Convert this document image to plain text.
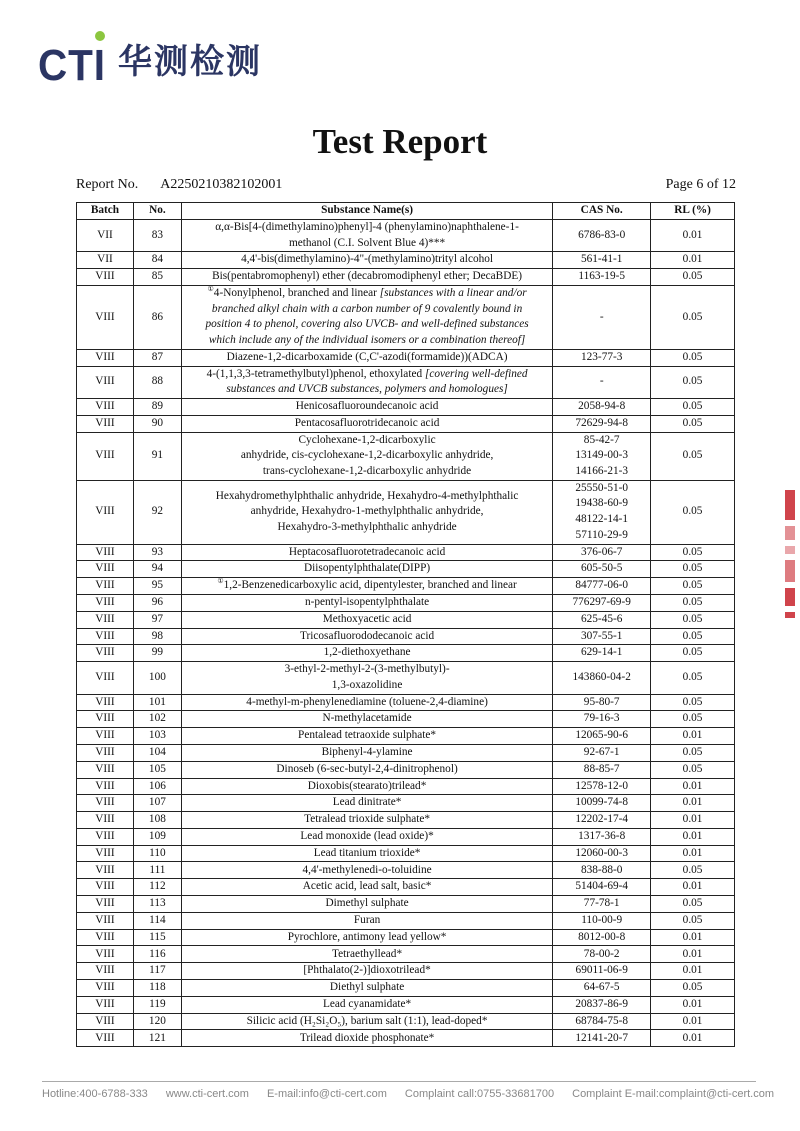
CTI 华测检测
Test Report
Report No. A2250210382102001	Page 6 of 12
Batch	No.	Substance Name(s)	CAS No.	RL (%)
VII	83	α,α-Bis[4-(dimethylamino)phenyl]-4 (phenylamino)naphthalene-1-
methanol (C.I. Solvent Blue 4)***	6786-83-0	0.01
VII	84	4,4'-bis(dimethylamino)-4"-(methylamino)trityl alcohol	561-41-1	0.01
VIII	85	Bis(pentabromophenyl) ether (decabromodiphenyl ether; DecaBDE)	1163-19-5	0.05
VIII	86	①4-Nonylphenol, branched and linear [substances with a linear and/or
branched alkyl chain with a carbon number of 9 covalently bound in
position 4 to phenol, covering also UVCB- and well-defined substances
which include any of the individual isomers or a combination thereof]	-	0.05
VIII	87	Diazene-1,2-dicarboxamide (C,C'-azodi(formamide))(ADCA)	123-77-3	0.05
VIII	88	4-(1,1,3,3-tetramethylbutyl)phenol, ethoxylated [covering well-defined
substances and UVCB substances, polymers and homologues]	-	0.05
VIII	89	Henicosafluoroundecanoic acid	2058-94-8	0.05
VIII	90	Pentacosafluorotridecanoic acid	72629-94-8	0.05
VIII	91	Cyclohexane-1,2-dicarboxylic
anhydride, cis-cyclohexane-1,2-dicarboxylic anhydride,
trans-cyclohexane-1,2-dicarboxylic anhydride	85-42-7
13149-00-3
14166-21-3	0.05
VIII	92	Hexahydromethylphthalic anhydride, Hexahydro-4-methylphthalic
anhydride, Hexahydro-1-methylphthalic anhydride,
Hexahydro-3-methylphthalic anhydride	25550-51-0
19438-60-9
48122-14-1
57110-29-9	0.05
VIII	93	Heptacosafluorotetradecanoic acid	376-06-7	0.05
VIII	94	Diisopentylphthalate(DIPP)	605-50-5	0.05
VIII	95	①1,2-Benzenedicarboxylic acid, dipentylester, branched and linear	84777-06-0	0.05
VIII	96	n-pentyl-isopentylphthalate	776297-69-9	0.05
VIII	97	Methoxyacetic acid	625-45-6	0.05
VIII	98	Tricosafluorododecanoic acid	307-55-1	0.05
VIII	99	1,2-diethoxyethane	629-14-1	0.05
VIII	100	3-ethyl-2-methyl-2-(3-methylbutyl)-
1,3-oxazolidine	143860-04-2	0.05
VIII	101	4-methyl-m-phenylenediamine (toluene-2,4-diamine)	95-80-7	0.05
VIII	102	N-methylacetamide	79-16-3	0.05
VIII	103	Pentalead tetraoxide sulphate*	12065-90-6	0.01
VIII	104	Biphenyl-4-ylamine	92-67-1	0.05
VIII	105	Dinoseb (6-sec-butyl-2,4-dinitrophenol)	88-85-7	0.05
VIII	106	Dioxobis(stearato)trilead*	12578-12-0	0.01
VIII	107	Lead dinitrate*	10099-74-8	0.01
VIII	108	Tetralead trioxide sulphate*	12202-17-4	0.01
VIII	109	Lead monoxide (lead oxide)*	1317-36-8	0.01
VIII	110	Lead titanium trioxide*	12060-00-3	0.01
VIII	111	4,4'-methylenedi-o-toluidine	838-88-0	0.05
VIII	112	Acetic acid, lead salt, basic*	51404-69-4	0.01
VIII	113	Dimethyl sulphate	77-78-1	0.05
VIII	114	Furan	110-00-9	0.05
VIII	115	Pyrochlore, antimony lead yellow*	8012-00-8	0.01
VIII	116	Tetraethyllead*	78-00-2	0.01
VIII	117	[Phthalato(2-)]dioxotrilead*	69011-06-9	0.01
VIII	118	Diethyl sulphate	64-67-5	0.05
VIII	119	Lead cyanamidate*	20837-86-9	0.01
VIII	120	Silicic acid (H₂Si₂O₅), barium salt (1:1), lead-doped*	68784-75-8	0.01
VIII	121	Trilead dioxide phosphonate*	12141-20-7	0.01
Hotline:400-6788-333 www.cti-cert.com E-mail:info@cti-cert.com Complaint call:0755-33681700 Complaint E-mail:complaint@cti-cert.com
